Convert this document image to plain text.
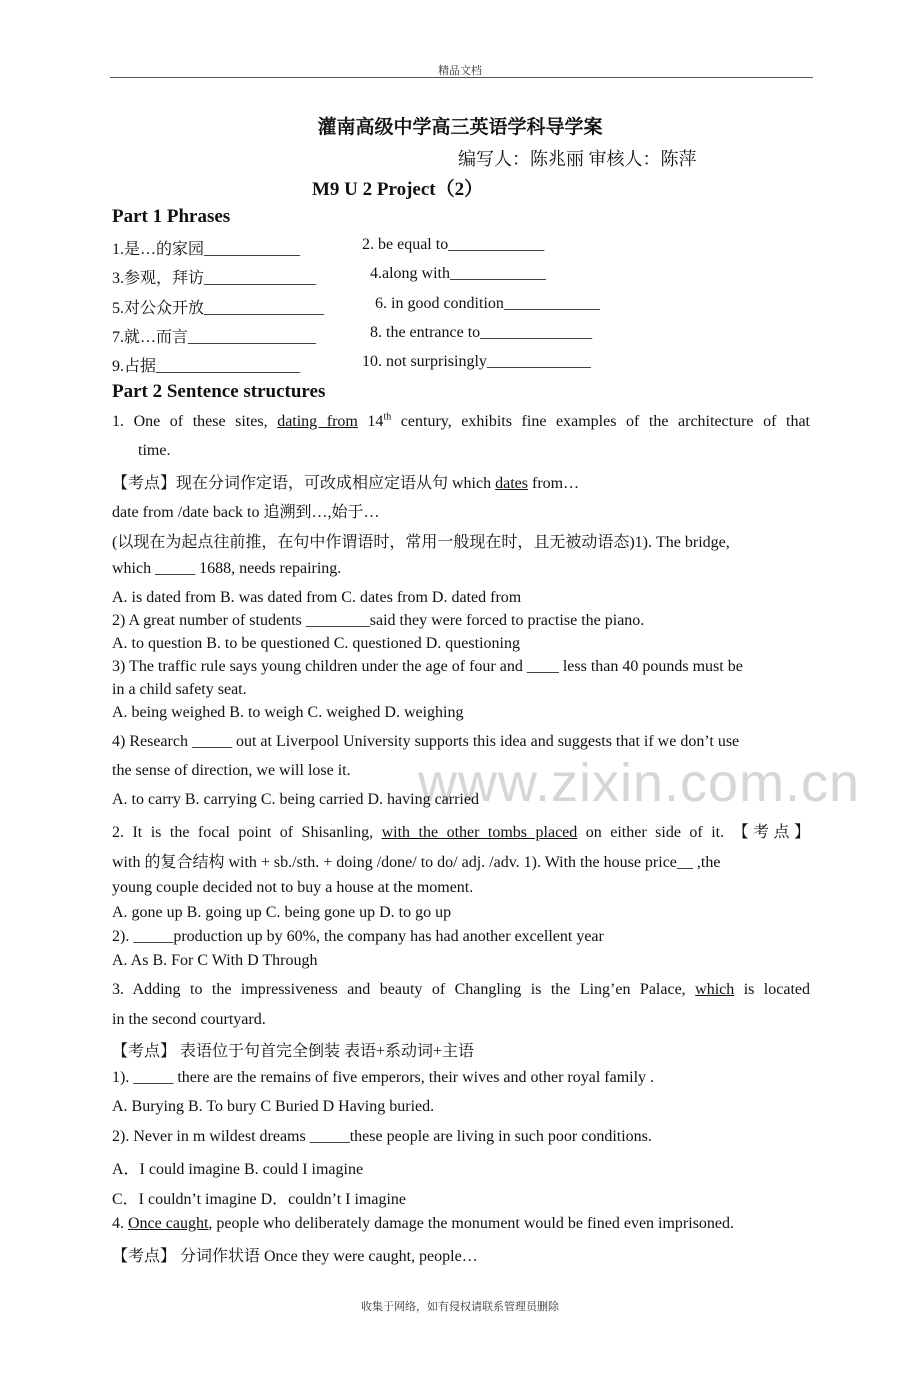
精品文档
www.zixin.com.cn
灌南高级中学高三英语学科导学案
编写人：陈兆丽 审核人：陈萍
M9 U 2 Project（2）
Part 1 Phrases
1.是…的家园____________	2. be equal to____________
3.参观，拜访______________	4.along with____________
5.对公众开放_______________	6. in good condition____________
7.就…而言________________	8. the entrance to______________
9.占据__________________	10. not surprisingly_____________
Part 2 Sentence structures
1. One of these sites, dating from 14th century, exhibits fine examples of the architecture of that
time.
【考点】现在分词作定语，可改成相应定语从句 which dates from…
date from /date back to 追溯到…,始于…
(以现在为起点往前推，在句中作谓语时，常用一般现在时，且无被动语态)1). The bridge,
which _____ 1688, needs repairing.
A. is dated from B. was dated from C. dates from D. dated from
2) A great number of students ________said they were forced to practise the piano.
A. to question B. to be questioned C. questioned D. questioning
3) The traffic rule says young children under the age of four and ____ less than 40 pounds must be
in a child safety seat.
A. being weighed B. to weigh C. weighed D. weighing
4) Research _____ out at Liverpool University supports this idea and suggests that if we don’t use
the sense of direction, we will lose it.
A. to carry B. carrying C. being carried D. having carried
2. It is the focal point of Shisanling, with the other tombs placed on either side of it. 【考点】
with 的复合结构 with + sb./sth. + doing /done/ to do/ adj. /adv. 1). With the house price__ ,the
young couple decided not to buy a house at the moment.
A. gone up B. going up C. being gone up D. to go up
2). _____production up by 60%, the company has had another excellent year
A. As B. For C With D Through
3. Adding to the impressiveness and beauty of Changling is the Ling’en Palace, which is located
in the second courtyard.
【考点】 表语位于句首完全倒装 表语+系动词+主语
1). _____ there are the remains of five emperors, their wives and other royal family .
A. Burying B. To bury C Buried D Having buried.
2). Never in m wildest dreams _____these people are living in such poor conditions.
A．I could imagine B. could I imagine
C．I couldn’t imagine D．couldn’t I imagine
4. Once caught, people who deliberately damage the monument would be fined even imprisoned.
【考点】 分词作状语 Once they were caught, people…
收集于网络，如有侵权请联系管理员删除
